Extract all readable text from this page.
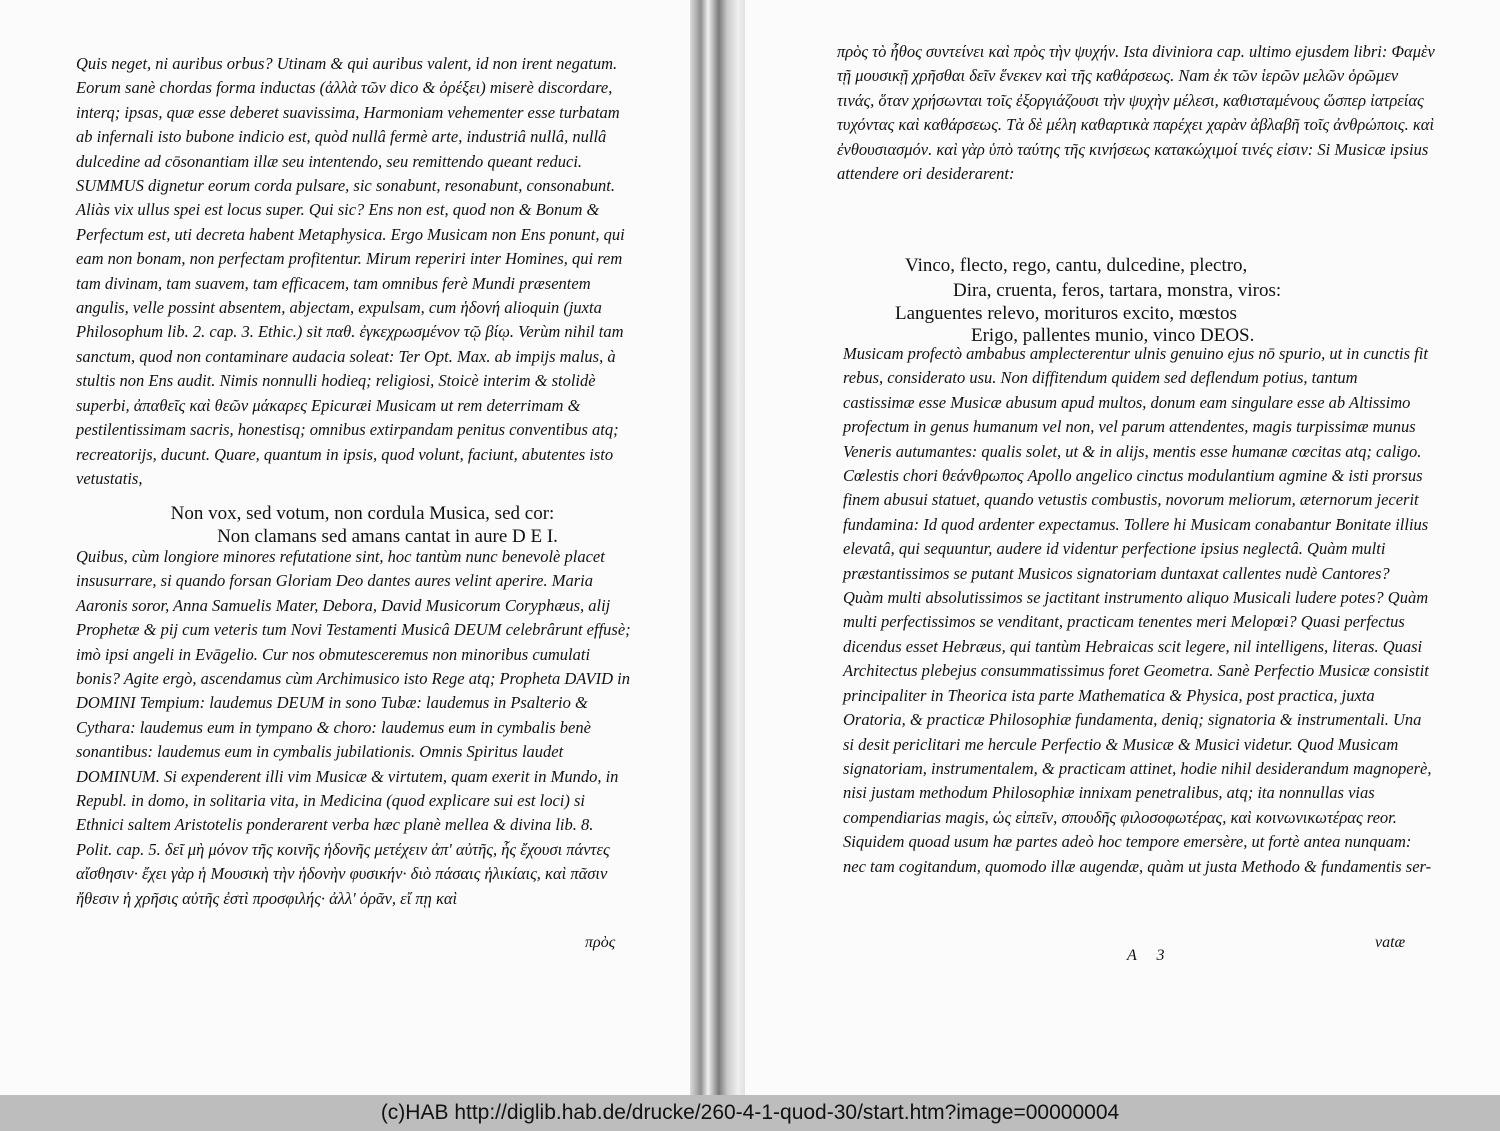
Quis neget, ni auribus orbus? Utinam & qui auribus valent, id non irent negatum. Eorum sanè chordas forma inductas (ἀλλὰ τῶν dico & ὀρέξει) miserè discordare, interq; ipsas, quæ esse deberet suavissima, Harmoniam vehementer esse turbatam ab infernali isto bubone indicio est, quòd nullâ fermè arte, industriâ nullâ, nullâ dulcedine ad cōsonantiam illæ seu intentendo, seu remittendo queant reduci. SUMMUS dignetur eorum corda pulsare, sic sonabunt, resonabunt, consonabunt. Aliàs vix ullus spei est locus super. Qui sic? Ens non est, quod non & Bonum & Perfectum est, uti decreta habent Metaphysica. Ergo Musicam non Ens ponunt, qui eam non bonam, non perfectam profitentur. Mirum reperiri inter Homines, qui rem tam divinam, tam suavem, tam efficacem, tam omnibus ferè Mundi præsentem angulis, velle possint absentem, abjectam, expulsam, cum ἡδονή alioquin (juxta Philosophum lib. 2. cap. 3. Ethic.) sit παθ. ἐγκεχρωσμένον τῷ βίῳ. Verùm nihil tam sanctum, quod non contaminare audacia soleat: Ter Opt. Max. ab impijs malus, à stultis non Ens audit. Nimis nonnulli hodieq; religiosi, Stoicè interim & stolidè superbi, ἀπαθεῖς καὶ θεῶν μάκαρες Epicuræi Musicam ut rem deterrimam & pestilentissimam sacris, honestisq; omnibus extirpandam penitus conventibus atq; recreatorijs, ducunt. Quare, quantum in ipsis, quod volunt, faciunt, abutentes isto vetustatis,
Non vox, sed votum, non cordula Musica, sed cor:
Non clamans sed amans cantat in aure D E I.
Quibus, cùm longiore minores refutatione sint, hoc tantùm nunc benevolè placet insusurrare, si quando forsan Gloriam Deo dantes aures velint aperire. Maria Aaronis soror, Anna Samuelis Mater, Debora, David Musicorum Coryphæus, alij Prophetæ & pij cum veteris tum Novi Testamenti Musicâ DEUM celebrârunt effusè; imò ipsi angeli in Evāgelio. Cur nos obmutesceremus non minoribus cumulati bonis? Agite ergò, ascendamus cùm Archimusico isto Rege atq; Propheta DAVID in DOMINI Tempium: laudemus DEUM in sono Tubæ: laudemus in Psalterio & Cythara: laudemus eum in tympano & choro: laudemus eum in cymbalis benè sonantibus: laudemus eum in cymbalis jubilationis. Omnis Spiritus laudet DOMINUM. Si expenderent illi vim Musicæ & virtutem, quam exerit in Mundo, in Republ. in domo, in solitaria vita, in Medicina (quod explicare sui est loci) si Ethnici saltem Aristotelis ponderarent verba hæc planè mellea & divina lib. 8. Polit. cap. 5. δεῖ μὴ μόνον τῆς κοινῆς ἡδονῆς μετέχειν ἀπ' αὐτῆς, ἧς ἔχουσι πάντες αἴσθησιν· ἔχει γὰρ ἡ Μουσικὴ τὴν ἡδονὴν φυσικήν· διὸ πάσαις ἡλικίαις, καὶ πᾶσιν ἤθεσιν ἡ χρῆσις αὐτῆς ἐστὶ προσφιλής· ἀλλ' ὁρᾶν, εἴ πῃ καὶ
πρὸς
πρὸς τὸ ἦθος συντείνει καὶ πρὸς τὴν ψυχήν. Ista diviniora cap. ultimo ejusdem libri: Φαμὲν τῇ μουσικῇ χρῆσθαι δεῖν ἕνεκεν καὶ τῆς καθάρσεως. Nam ἐκ τῶν ἱερῶν μελῶν ὁρῶμεν τινάς, ὅταν χρήσωνται τοῖς ἐξοργιάζουσι τὴν ψυχὴν μέλεσι, καθισταμένους ὥσπερ ἰατρείας τυχόντας καὶ καθάρσεως. Τὰ δὲ μέλη καθαρτικὰ παρέχει χαρὰν ἀβλαβῆ τοῖς ἀνθρώποις. καὶ ἐνθουσιασμόν. καὶ γὰρ ὑπὸ ταύτης τῆς κινήσεως κατακώχιμοί τινές εἰσιν: Si Musicæ ipsius attendere ori desiderarent:
Vinco, flecto, rego, cantu, dulcedine, plectro,
Dira, cruenta, feros, tartara, monstra, viros:
Languentes relevo, morituros excito, mœstos
Erigo, pallentes munio, vinco DEOS.
Musicam profectò ambabus amplecterentur ulnis genuino ejus nō spurio, ut in cunctis fit rebus, considerato usu. Non diffitendum quidem sed deflendum potius, tantum castissimæ esse Musicæ abusum apud multos, donum eam singulare esse ab Altissimo profectum in genus humanum vel non, vel parum attendentes, magis turpissimæ munus Veneris autumantes: qualis solet, ut & in alijs, mentis esse humanæ cœcitas atq; caligo. Cœlestis chori θεάνθρωπος Apollo angelico cinctus modulantium agmine & isti prorsus finem abusui statuet, quando vetustis combustis, novorum meliorum, æternorum jecerit fundamina: Id quod ardenter expectamus. Tollere hi Musicam conabantur Bonitate illius elevatâ, qui sequuntur, audere id videntur perfectione ipsius neglectâ. Quàm multi præstantissimos se putant Musicos signatoriam duntaxat callentes nudè Cantores? Quàm multi absolutissimos se jactitant instrumento aliquo Musicali ludere potes? Quàm multi perfectissimos se venditant, practicam tenentes meri Melopœi? Quasi perfectus dicendus esset Hebræus, qui tantùm Hebraicas scit legere, nil intelligens, literas. Quasi Architectus plebejus consummatissimus foret Geometra. Sanè Perfectio Musicæ consistit principaliter in Theorica ista parte Mathematica & Physica, post practica, juxta Oratoria, & practicæ Philosophiæ fundamenta, deniq; signatoria & instrumentali. Una si desit periclitari me hercule Perfectio & Musicæ & Musici videtur. Quod Musicam signatoriam, instrumentalem, & practicam attinet, hodie nihil desiderandum magnoperè, nisi justam methodum Philosophiæ innixam penetralibus, atq; ita nonnullas vias compendiarias magis, ὡς εἰπεῖν, σπουδῆς φιλοσοφωτέρας, καὶ κοινωνικωτέρας reor. Siquidem quoad usum hæ partes adeò hoc tempore emersère, ut fortè antea nunquam: nec tam cogitandum, quomodo illæ augendæ, quàm ut justa Methodo & fundamentis ser-
A 3
vatæ
(c)HAB http://diglib.hab.de/drucke/260-4-1-quod-30/start.htm?image=00000004
